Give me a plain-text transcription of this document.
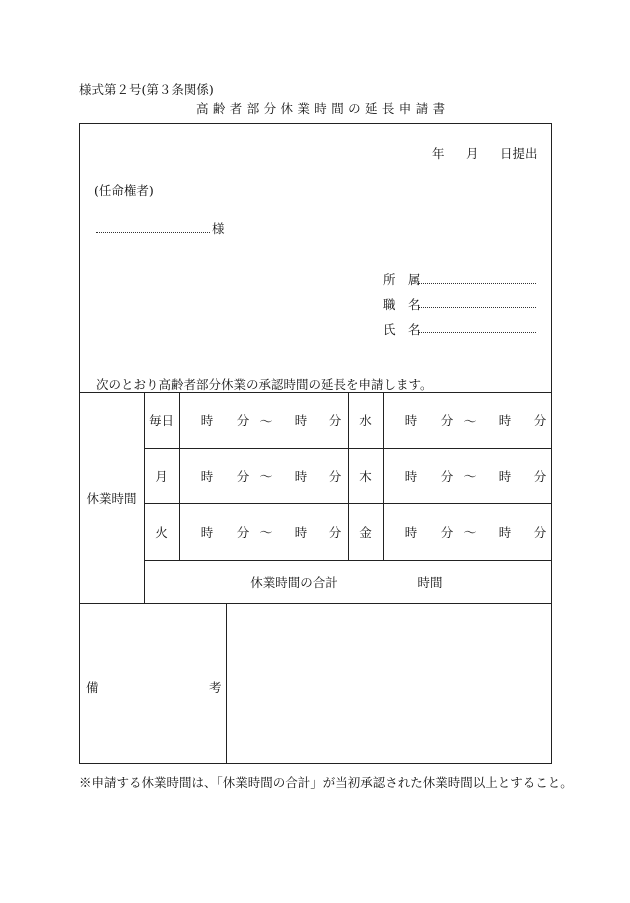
様式第２号(第３条関係)
高齢者部分休業時間の延長申請書
年 月 日提出
(任命権者)
様
所　属
職　名
氏　名
次のとおり高齢者部分休業の承認時間の延長を申請します。
休業時間
毎日	時 分 ～ 時 分	水	時 分 ～ 時 分
月	時 分 ～ 時 分	木	時 分 ～ 時 分
火	時 分 ～ 時 分	金	時 分 ～ 時 分
休業時間の合計	時間
備	考
※申請する休業時間は、「休業時間の合計」が当初承認された休業時間以上とすること。
